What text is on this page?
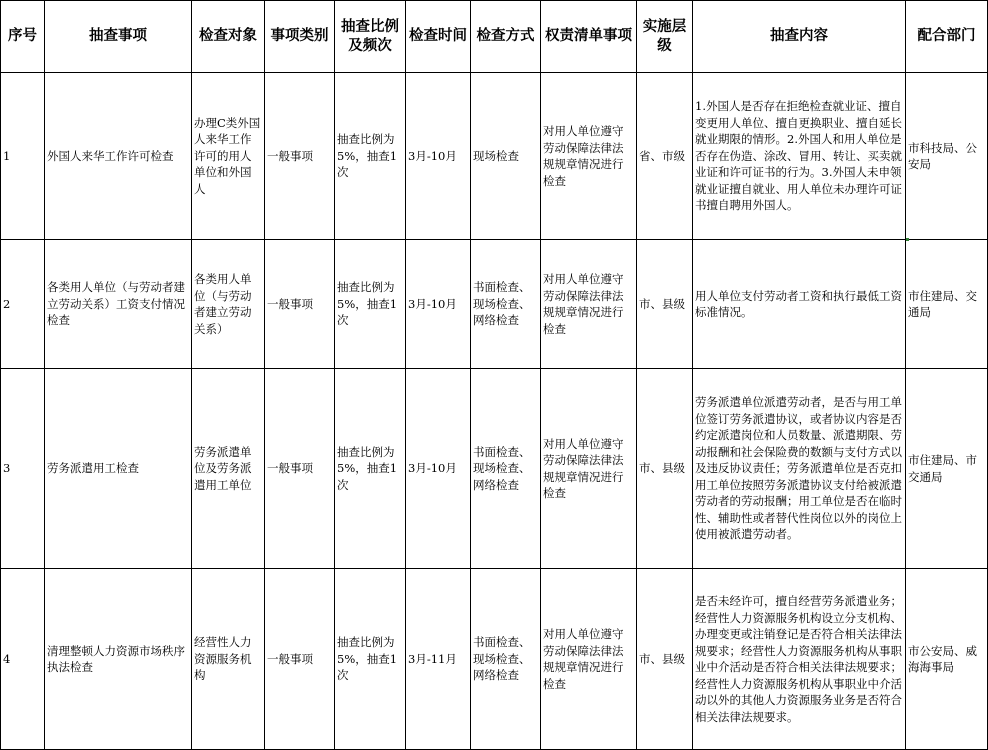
序号	抽查事项	检查对象	事项类别	抽查比例及频次	检查时间	检查方式	权责清单事项	实施层级	抽查内容	配合部门
1	外国人来华工作许可检查	办理C类外国人来华工作许可的用人单位和外国人	一般事项	抽查比例为5%，抽查1次	3月-10月	现场检查	对用人单位遵守劳动保障法律法规规章情况进行检查	省、市级	1.外国人是否存在拒绝检查就业证、擅自变更用人单位、擅自更换职业、擅自延长就业期限的情形。2.外国人和用人单位是否存在伪造、涂改、冒用、转让、买卖就业证和许可证书的行为。3.外国人未申领就业证擅自就业、用人单位未办理许可证书擅自聘用外国人。	市科技局、公安局
2	各类用人单位（与劳动者建立劳动关系）工资支付情况检查	各类用人单位（与劳动者建立劳动关系）	一般事项	抽查比例为5%，抽查1次	3月-10月	书面检查、现场检查、网络检查	对用人单位遵守劳动保障法律法规规章情况进行检查	市、县级	用人单位支付劳动者工资和执行最低工资标准情况。	市住建局、交通局
3	劳务派遣用工检查	劳务派遣单位及劳务派遣用工单位	一般事项	抽查比例为5%，抽查1次	3月-10月	书面检查、现场检查、网络检查	对用人单位遵守劳动保障法律法规规章情况进行检查	市、县级	劳务派遣单位派遣劳动者，是否与用工单位签订劳务派遣协议，或者协议内容是否约定派遣岗位和人员数量、派遣期限、劳动报酬和社会保险费的数额与支付方式以及违反协议责任；劳务派遣单位是否克扣用工单位按照劳务派遣协议支付给被派遣劳动者的劳动报酬；用工单位是否在临时性、辅助性或者替代性岗位以外的岗位上使用被派遣劳动者。	市住建局、市交通局
4	清理整顿人力资源市场秩序执法检查	经营性人力资源服务机构	一般事项	抽查比例为5%，抽查1次	3月-11月	书面检查、现场检查、网络检查	对用人单位遵守劳动保障法律法规规章情况进行检查	市、县级	是否未经许可，擅自经营劳务派遣业务；经营性人力资源服务机构设立分支机构、办理变更或注销登记是否符合相关法律法规要求；经营性人力资源服务机构从事职业中介活动是否符合相关法律法规要求；经营性人力资源服务机构从事职业中介活动以外的其他人力资源服务业务是否符合相关法律法规要求。	市公安局、威海海事局
